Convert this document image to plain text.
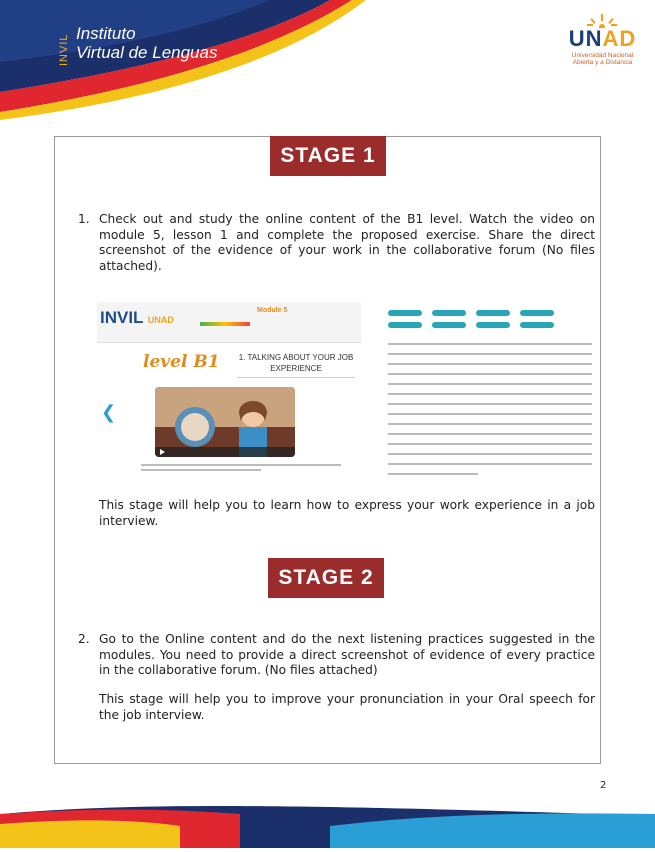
INVIL Instituto
Virtual de Lenguas
UNAD
Universidad Nacional
Abierta y a Distancia
STAGE 1
1. Check out and study the online content of the B1 level. Watch the video on module 5, lesson 1 and complete the proposed exercise. Share the direct screenshot of the evidence of your work in the collaborative forum (No files attached).
INVIL UNAD
Module 5
level B1 1. TALKING ABOUT YOUR JOB EXPERIENCE
❮
This stage will help you to learn how to express your work experience in a job interview.
STAGE 2
2. Go to the Online content and do the next listening practices suggested in the modules. You need to provide a direct screenshot of evidence of every practice in the collaborative forum. (No files attached)
This stage will help you to improve your pronunciation in your Oral speech for the job interview.
2
